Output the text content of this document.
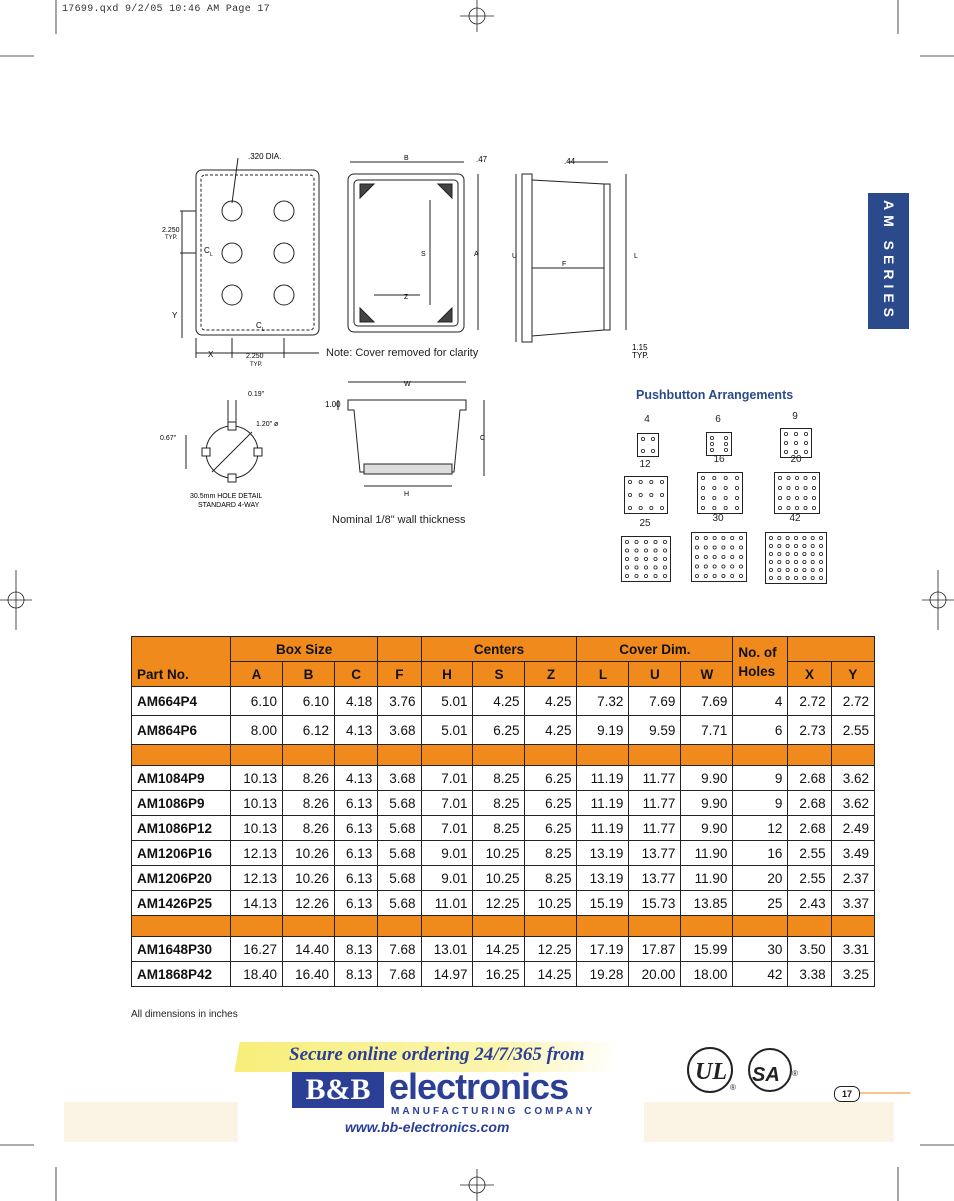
17699.qxd 9/2/05 10:46 AM Page 17
AM SERIES
.320 DIA.
2.250
TYP.
Y
X	2.250
TYP.
C L
C L
B	.47
A
S
Z
Note: Cover removed for clarity
.44
U
F
L
1.15
TYP.
0.19"
1.20" ø
0.67"
30.5mm HOLE DETAIL
STANDARD 4-WAY
W
1.00
C
H
Nominal 1/8" wall thickness
Pushbutton Arrangements
4	6	9
12	16	20
25	30	42
Part No.	Box Size				Centers			Cover Dim.			No. of Holes		
	A	B	C	F	H	S	Z	L	U	W		X	Y
AM664P4	6.10	6.10	4.18	3.76	5.01	4.25	4.25	7.32	7.69	7.69	4	2.72	2.72
AM864P6	8.00	6.12	4.13	3.68	5.01	6.25	4.25	9.19	9.59	7.71	6	2.73	2.55

AM1084P9	10.13	8.26	4.13	3.68	7.01	8.25	6.25	11.19	11.77	9.90	9	2.68	3.62
AM1086P9	10.13	8.26	6.13	5.68	7.01	8.25	6.25	11.19	11.77	9.90	9	2.68	3.62
AM1086P12	10.13	8.26	6.13	5.68	7.01	8.25	6.25	11.19	11.77	9.90	12	2.68	2.49
AM1206P16	12.13	10.26	6.13	5.68	9.01	10.25	8.25	13.19	13.77	11.90	16	2.55	3.49
AM1206P20	12.13	10.26	6.13	5.68	9.01	10.25	8.25	13.19	13.77	11.90	20	2.55	2.37
AM1426P25	14.13	12.26	6.13	5.68	11.01	12.25	10.25	15.19	15.73	13.85	25	2.43	3.37

AM1648P30	16.27	14.40	8.13	7.68	13.01	14.25	12.25	17.19	17.87	15.99	30	3.50	3.31
AM1868P42	18.40	16.40	8.13	7.68	14.97	16.25	14.25	19.28	20.00	18.00	42	3.38	3.25
All dimensions in inches
Secure online ordering 24/7/365 from
B&B electronics
MANUFACTURING COMPANY
www.bb-electronics.com
UL
®
SA ®
17
